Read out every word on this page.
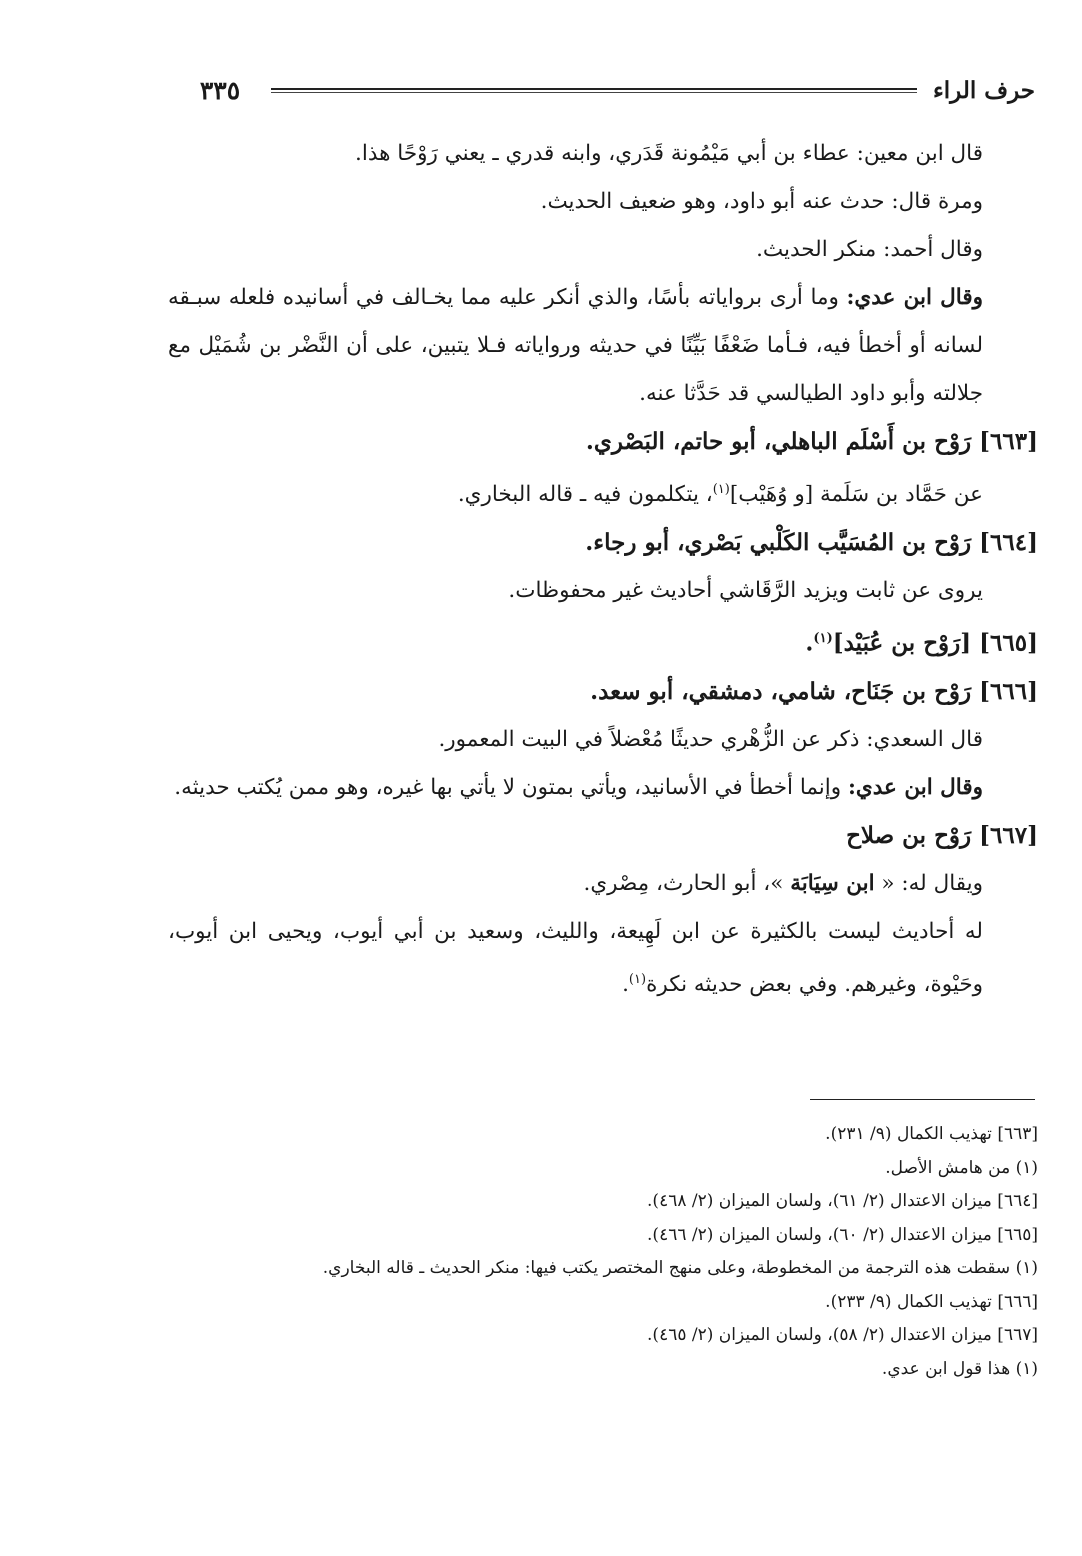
٣٣٥	حرف الراء

قال ابن معين: عطاء بن أبي مَيْمُونة قَدَري، وابنه قدري ـ يعني رَوْحًا هذا.

ومرة قال: حدث عنه أبو داود، وهو ضعيف الحديث.

وقال أحمد: منكر الحديث.

وقال ابن عدي: وما أرى برواياته بأسًا، والذي أنكر عليه مما يخـالف في أسانيده فلعله سبـقه لسانه أو أخطأ فيه، فـأما ضَعْفًا بَيِّنًا في حديثه ورواياته فـلا يتبين، على أن النَّضْر بن شُمَيْل مع جلالته وأبو داود الطيالسي قد حَدَّثا عنه.

[٦٦٣] رَوْح بن أَسْلَم الباهلي، أبو حاتم، البَصْري.

عن حَمَّاد بن سَلَمة [و وُهَيْب]$^{(١)}$، يتكلمون فيه ـ قاله البخاري.

[٦٦٤] رَوْح بن المُسَيَّب الكَلْبي بَصْري، أبو رجاء.

يروى عن ثابت ويزيد الرَّقَاشي أحاديث غير محفوظات.

[٦٦٥] [رَوْح بن عُبَيْد]$^{(١)}$.

[٦٦٦] رَوْح بن جَنَاح، شامي، دمشقي، أبو سعد.

قال السعدي: ذكر عن الزُّهْري حديثًا مُعْضلاً في البيت المعمور.

وقال ابن عدي: وإنما أخطأ في الأسانيد، ويأتي بمتون لا يأتي بها غيره، وهو ممن يُكتب حديثه.

[٦٦٧] رَوْح بن صلاح

ويقال له: « ابن سِيَابَة »، أبو الحارث، مِصْري.

له أحاديث ليست بالكثيرة عن ابن لَهِيعة، والليث، وسعيد بن أبي أيوب، ويحيى ابن أيوب، وحَيْوة، وغيرهم. وفي بعض حديثه نكرة$^{(١)}$.

[٦٦٣] تهذيب الكمال (٩/ ٢٣١).

(١) من هامش الأصل.

[٦٦٤] ميزان الاعتدال (٢/ ٦١)، ولسان الميزان (٢/ ٤٦٨).

[٦٦٥] ميزان الاعتدال (٢/ ٦٠)، ولسان الميزان (٢/ ٤٦٦).

(١) سقطت هذه الترجمة من المخطوطة، وعلى منهج المختصر يكتب فيها: منكر الحديث ـ قاله البخاري.

[٦٦٦] تهذيب الكمال (٩/ ٢٣٣).

[٦٦٧] ميزان الاعتدال (٢/ ٥٨)، ولسان الميزان (٢/ ٤٦٥).

(١) هذا قول ابن عدي.
